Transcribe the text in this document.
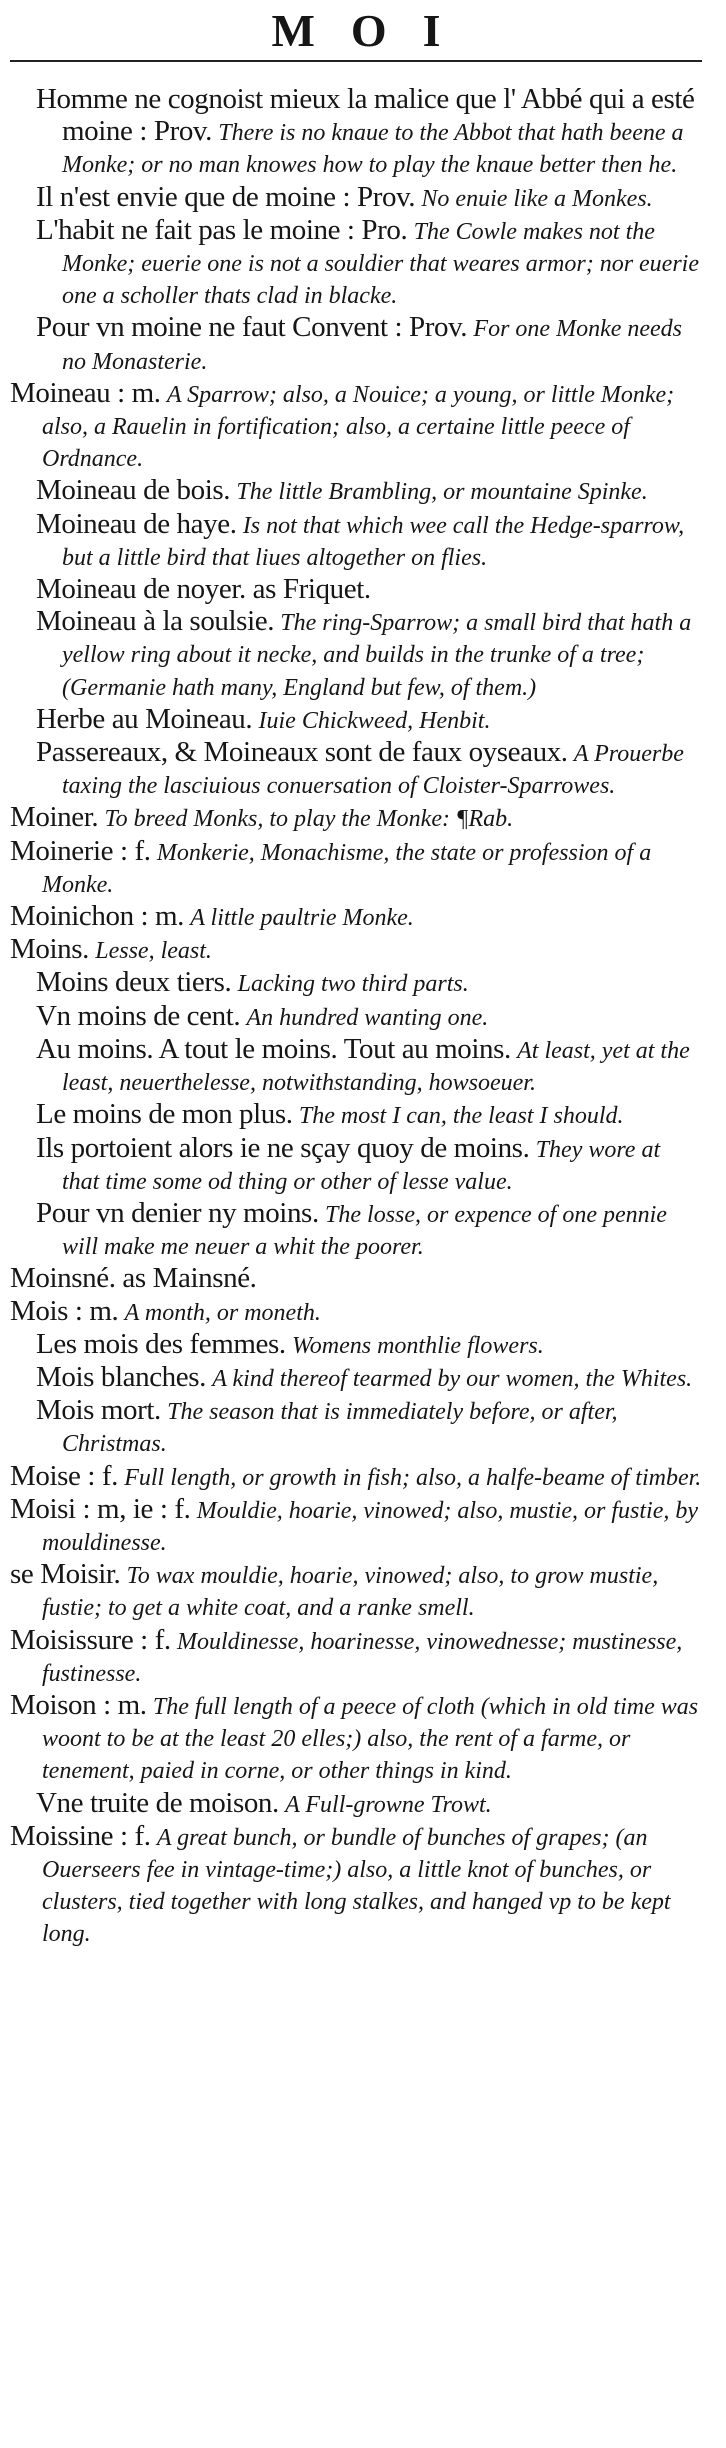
MOI

Homme ne cognoist mieux la malice que l' Abbé qui a esté moine : Prov. There is no knaue to the Abbot that hath beene a Monke; or no man knowes how to play the knaue better then he.

Il n'est envie que de moine : Prov. No enuie like a Monkes.

L'habit ne fait pas le moine : Pro. The Cowle makes not the Monke; euerie one is not a souldier that weares armor; nor euerie one a scholler thats clad in blacke.

Pour vn moine ne faut Convent : Prov. For one Monke needs no Monasterie.

Moineau : m. A Sparrow; also, a Nouice; a young, or little Monke; also, a Rauelin in fortification; also, a certaine little peece of Ordnance.

Moineau de bois. The little Brambling, or mountaine Spinke.

Moineau de haye. Is not that which wee call the Hedge-sparrow, but a little bird that liues altogether on flies.

Moineau de noyer. as Friquet.

Moineau à la soulsie. The ring-Sparrow; a small bird that hath a yellow ring about it necke, and builds in the trunke of a tree; (Germanie hath many, England but few, of them.)

Herbe au Moineau. Iuie Chickweed, Henbit.

Passereaux, & Moineaux sont de faux oyseaux. A Prouerbe taxing the lasciuious conuersation of Cloister-Sparrowes.

Moiner. To breed Monks, to play the Monke: ¶Rab.

Moinerie : f. Monkerie, Monachisme, the state or profession of a Monke.

Moinichon : m. A little paultrie Monke.

Moins. Lesse, least.

Moins deux tiers. Lacking two third parts.

Vn moins de cent. An hundred wanting one.

Au moins. A tout le moins. Tout au moins. At least, yet at the least, neuerthelesse, notwithstanding, howsoeuer.

Le moins de mon plus. The most I can, the least I should.

Ils portoient alors ie ne sçay quoy de moins. They wore at that time some od thing or other of lesse value.

Pour vn denier ny moins. The losse, or expence of one pennie will make me neuer a whit the poorer.

Moinsné. as Mainsné.

Mois : m. A month, or moneth.

Les mois des femmes. Womens monthlie flowers.

Mois blanches. A kind thereof tearmed by our women, the Whites.

Mois mort. The season that is immediately before, or after, Christmas.

Moise : f. Full length, or growth in fish; also, a halfe-beame of timber.

Moisi : m, ie : f. Mouldie, hoarie, vinowed; also, mustie, or fustie, by mouldinesse.

se Moisir. To wax mouldie, hoarie, vinowed; also, to grow mustie, fustie; to get a white coat, and a ranke smell.

Moisissure : f. Mouldinesse, hoarinesse, vinowednesse; mustinesse, fustinesse.

Moison : m. The full length of a peece of cloth (which in old time was woont to be at the least 20 elles;) also, the rent of a farme, or tenement, paied in corne, or other things in kind.

Vne truite de moison. A Full-growne Trowt.

Moissine : f. A great bunch, or bundle of bunches of grapes; (an Ouerseers fee in vintage-time;) also, a little knot of bunches, or clusters, tied together with long stalkes, and hanged vp to be kept long.
